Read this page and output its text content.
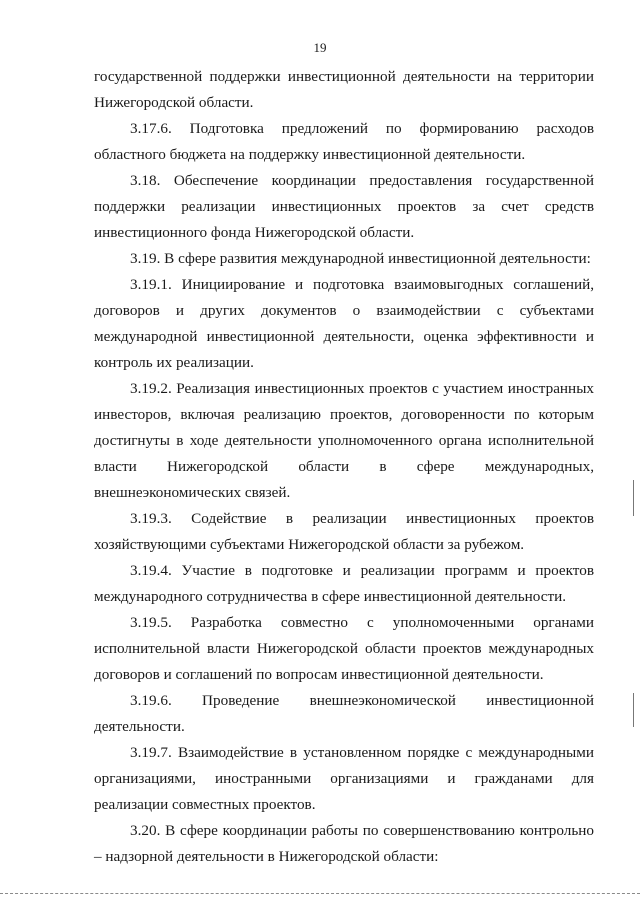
19

государственной поддержки инвестиционной деятельности на территории Нижегородской области.

3.17.6. Подготовка предложений по формированию расходов областного бюджета на поддержку инвестиционной деятельности.

3.18. Обеспечение координации предоставления государственной поддержки реализации инвестиционных проектов за счет средств инвестиционного фонда Нижегородской области.

3.19. В сфере развития международной инвестиционной деятельности:

3.19.1. Инициирование и подготовка взаимовыгодных соглашений, договоров и других документов о взаимодействии с субъектами международной инвестиционной деятельности, оценка эффективности и контроль их реализации.

3.19.2. Реализация инвестиционных проектов с участием иностранных инвесторов, включая реализацию проектов, договоренности по которым достигнуты в ходе деятельности уполномоченного органа исполнительной власти Нижегородской области в сфере международных, внешнеэкономических связей.

3.19.3. Содействие в реализации инвестиционных проектов хозяйствующими субъектами Нижегородской области за рубежом.

3.19.4. Участие в подготовке и реализации программ и проектов международного сотрудничества в сфере инвестиционной деятельности.

3.19.5. Разработка совместно с уполномоченными органами исполнительной власти Нижегородской области проектов международных договоров и соглашений по вопросам инвестиционной деятельности.

3.19.6. Проведение внешнеэкономической инвестиционной деятельности.

3.19.7. Взаимодействие в установленном порядке с международными организациями, иностранными организациями и гражданами для реализации совместных проектов.

3.20. В сфере координации работы по совершенствованию контрольно – надзорной деятельности в Нижегородской области:
